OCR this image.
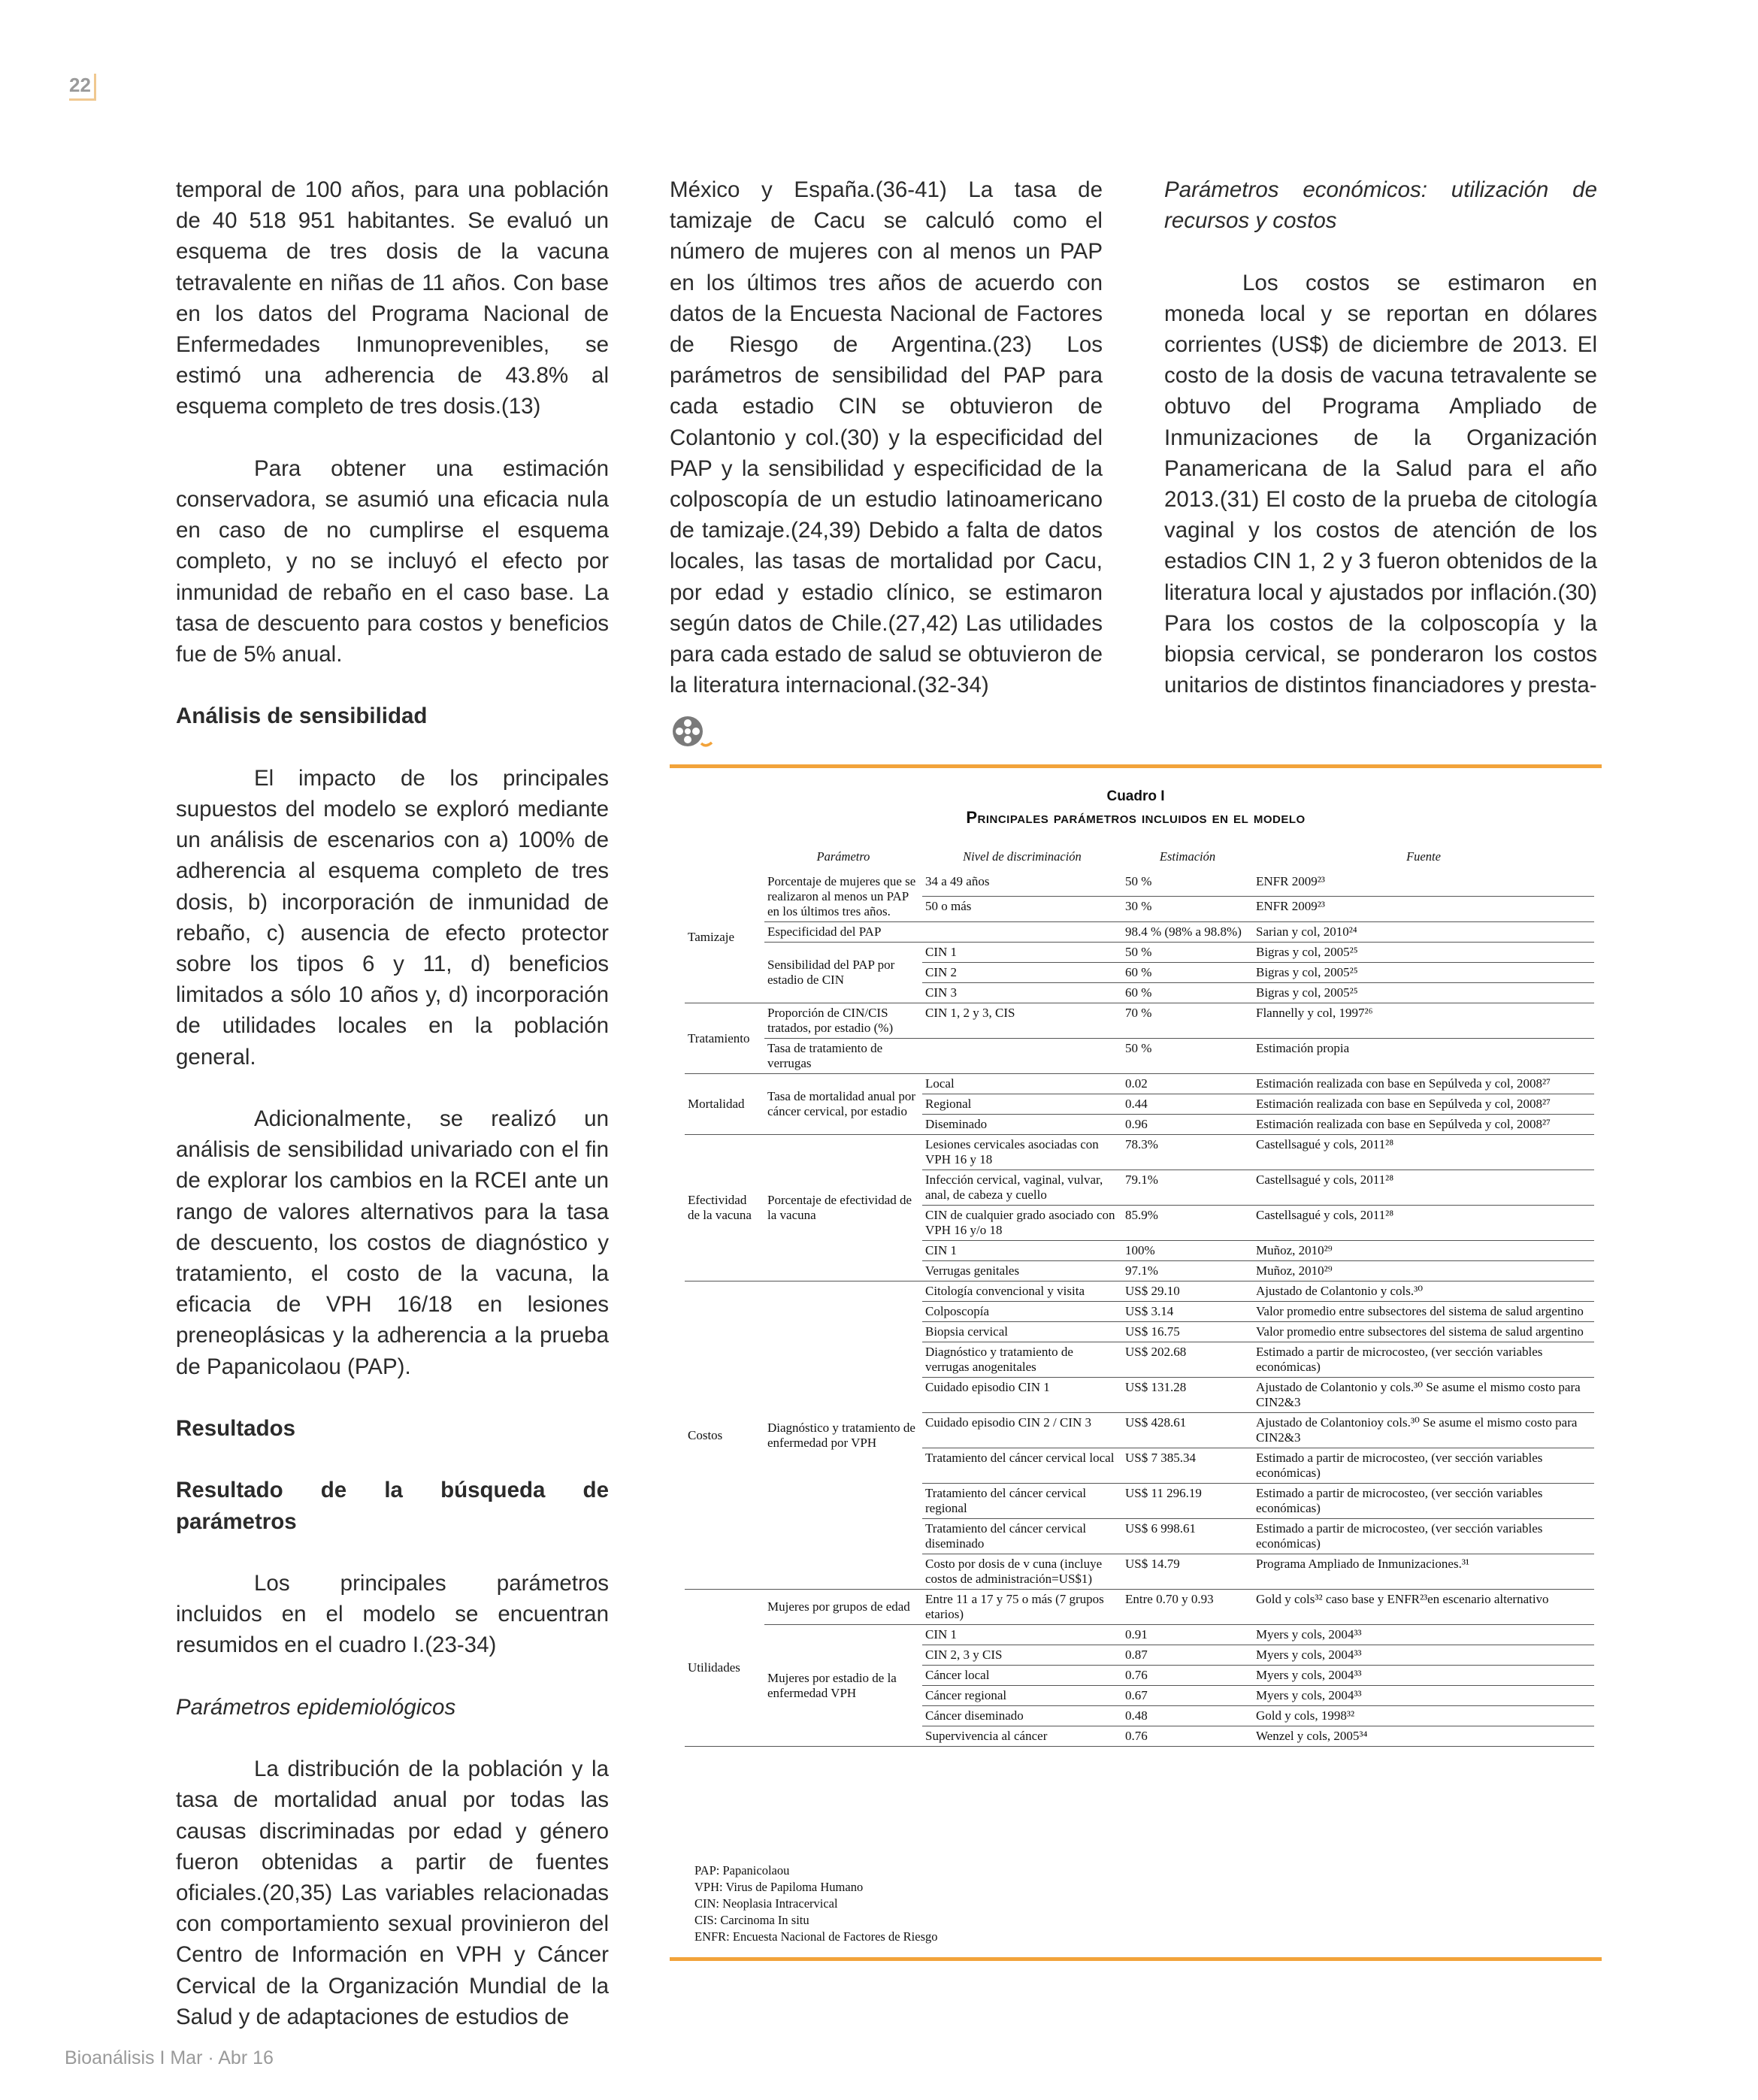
22

temporal de 100 años, para una población de 40 518 951 habitantes. Se evaluó un esquema de tres dosis de la vacuna tetravalente en niñas de 11 años. Con base en los datos del Programa Nacional de Enfermedades Inmunoprevenibles, se estimó una adherencia de 43.8% al esquema completo de tres dosis.(13)

Para obtener una estimación conservadora, se asumió una eficacia nula en caso de no cumplirse el esquema completo, y no se incluyó el efecto por inmunidad de rebaño en el caso base. La tasa de descuento para costos y beneficios fue de 5% anual.

Análisis de sensibilidad

El impacto de los principales supuestos del modelo se exploró mediante un análisis de escenarios con a) 100% de adherencia al esquema completo de tres dosis, b) incorporación de inmunidad de rebaño, c) ausencia de efecto protector sobre los tipos 6 y 11, d) beneficios limitados a sólo 10 años y, d) incorporación de utilidades locales en la población general.

Adicionalmente, se realizó un análisis de sensibilidad univariado con el fin de explorar los cambios en la RCEI ante un rango de valores alternativos para la tasa de descuento, los costos de diagnóstico y tratamiento, el costo de la vacuna, la eficacia de VPH 16/18 en lesiones preneoplásicas y la adherencia a la prueba de Papanicolaou (PAP).

Resultados

Resultado de la búsqueda de parámetros

Los principales parámetros incluidos en el modelo se encuentran resumidos en el cuadro I.(23-34)

Parámetros epidemiológicos

La distribución de la población y la tasa de mortalidad anual por todas las causas discriminadas por edad y género fueron obtenidas a partir de fuentes oficiales.(20,35) Las variables relacionadas con comportamiento sexual provinieron del Centro de Información en VPH y Cáncer Cervical de la Organización Mundial de la Salud y de adaptaciones de estudios de

México y España.(36-41) La tasa de tamizaje de Cacu se calculó como el número de mujeres con al menos un PAP en los últimos tres años de acuerdo con datos de la Encuesta Nacional de Factores de Riesgo de Argentina.(23) Los parámetros de sensibilidad del PAP para cada estadio CIN se obtuvieron de Colantonio y col.(30) y la especificidad del PAP y la sensibilidad y especificidad de la colposcopía de un estudio latinoamericano de tamizaje.(24,39) Debido a falta de datos locales, las tasas de mortalidad por Cacu, por edad y estadio clínico, se estimaron según datos de Chile.(27,42) Las utilidades para cada estado de salud se obtuvieron de la literatura internacional.(32-34)

Parámetros económicos: utilización de recursos y costos

Los costos se estimaron en moneda local y se reportan en dólares corrientes (US$) de diciembre de 2013. El costo de la dosis de vacuna tetravalente se obtuvo del Programa Ampliado de Inmunizaciones de la Organización Panamericana de la Salud para el año 2013.(31) El costo de la prueba de citología vaginal y los costos de atención de los estadios CIN 1, 2 y 3 fueron obtenidos de la literatura local y ajustados por inflación.(30) Para los costos de la colposcopía y la biopsia cervical, se ponderaron los costos unitarios de distintos financiadores y presta-

Cuadro I
Principales parámetros incluidos en el modelo
	Parámetro	Nivel de discriminación	Estimación	Fuente
Tamizaje	Porcentaje de mujeres que se realizaron al menos un PAP en los últimos tres años.	34 a 49 años	50 %	ENFR 2009²³
		50 o más	30 %	ENFR 2009²³
	Especificidad del PAP		98.4 % (98% a 98.8%)	Sarian y col, 2010²⁴
	Sensibilidad del PAP por estadio de CIN	CIN 1	50 %	Bigras y col, 2005²⁵
		CIN 2	60 %	Bigras y col, 2005²⁵
		CIN 3	60 %	Bigras y col, 2005²⁵
Tratamiento	Proporción de CIN/CIS tratados, por estadio (%)	CIN 1, 2 y 3, CIS	70 %	Flannelly y col, 1997²⁶
	Tasa de tratamiento de verrugas		50 %	Estimación propia
Mortalidad	Tasa de mortalidad anual por cáncer cervical, por estadio	Local	0.02	Estimación realizada con base en Sepúlveda y col, 2008²⁷
		Regional	0.44	Estimación realizada con base en Sepúlveda y col, 2008²⁷
		Diseminado	0.96	Estimación realizada con base en Sepúlveda y col, 2008²⁷
Efectividad de la vacuna	Porcentaje de efectividad de la vacuna	Lesiones cervicales asociadas con VPH 16 y 18	78.3%	Castellsagué y cols, 2011²⁸
		Infección cervical, vaginal, vulvar, anal, de cabeza y cuello	79.1%	Castellsagué y cols, 2011²⁸
		CIN de cualquier grado asociado con VPH 16 y/o 18	85.9%	Castellsagué y cols, 2011²⁸
		CIN 1	100%	Muñoz, 2010²⁹
		Verrugas genitales	97.1%	Muñoz, 2010²⁹
Costos	Diagnóstico y tratamiento de enfermedad por VPH	Citología convencional y visita	US$ 29.10	Ajustado de Colantonio y cols.³⁰
		Colposcopía	US$ 3.14	Valor promedio entre subsectores del sistema de salud argentino
		Biopsia cervical	US$ 16.75	Valor promedio entre subsectores del sistema de salud argentino
		Diagnóstico y tratamiento de verrugas anogenitales	US$ 202.68	Estimado a partir de microcosteo, (ver sección variables económicas)
		Cuidado episodio CIN 1	US$ 131.28	Ajustado de Colantonio y cols.³⁰ Se asume el mismo costo para CIN2&3
		Cuidado episodio CIN 2 / CIN 3	US$ 428.61	Ajustado de Colantonioy cols.³⁰ Se asume el mismo costo para CIN2&3
		Tratamiento del cáncer cervical local	US$ 7 385.34	Estimado a partir de microcosteo, (ver sección variables económicas)
		Tratamiento del cáncer cervical regional	US$ 11 296.19	Estimado a partir de microcosteo, (ver sección variables económicas)
		Tratamiento del cáncer cervical diseminado	US$ 6 998.61	Estimado a partir de microcosteo, (ver sección variables económicas)
		Costo por dosis de v cuna (incluye costos de administración=US$1)	US$ 14.79	Programa Ampliado de Inmunizaciones.³¹
Utilidades	Mujeres por grupos de edad	Entre 11 a 17 y 75 o más (7 grupos etarios)	Entre 0.70 y 0.93	Gold y cols³² caso base y ENFR²³en escenario alternativo
	Mujeres por estadio de la enfermedad VPH	CIN 1	0.91	Myers y cols, 2004³³
		CIN 2, 3 y CIS	0.87	Myers y cols, 2004³³
		Cáncer local	0.76	Myers y cols, 2004³³
		Cáncer regional	0.67	Myers y cols, 2004³³
		Cáncer diseminado	0.48	Gold y cols, 1998³²
		Supervivencia al cáncer	0.76	Wenzel y cols, 2005³⁴
PAP: Papanicolaou
VPH: Virus de Papiloma Humano
CIN: Neoplasia Intracervical
CIS: Carcinoma In situ
ENFR: Encuesta Nacional de Factores de Riesgo
Bioanálisis I Mar · Abr 16
